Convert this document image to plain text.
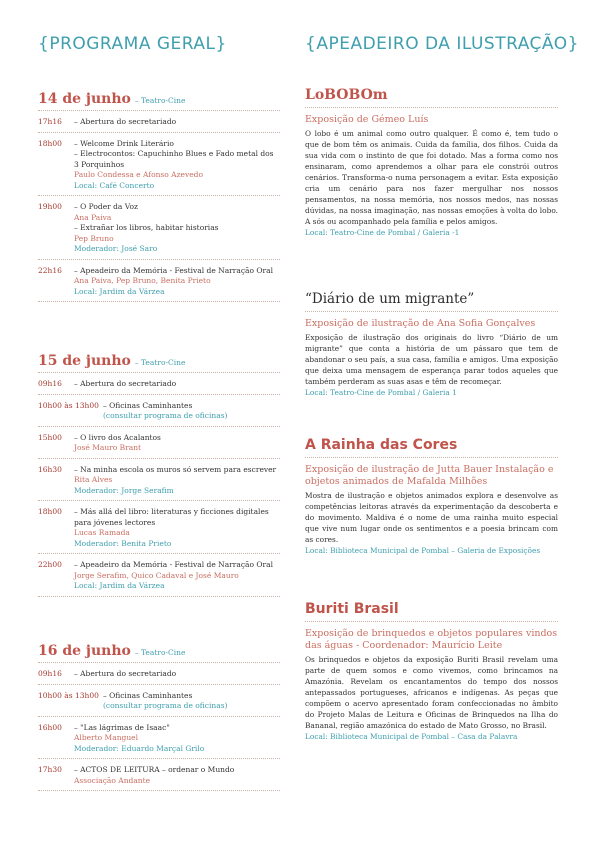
{PROGRAMA GERAL}
14 de junho – Teatro-Cine
17h16	– Abertura do secretariado
18h00	– Welcome Drink Literário
– Electrocontos: Capuchinho Blues e Fado metal dos 3 Porquinhos
Paulo Condessa e Afonso Azevedo
Local: Café Concerto
19h00	– O Poder da Voz
Ana Paiva
– Extrañar los libros, habitar historias
Pep Bruno
Moderador: José Saro
22h16	– Apeadeiro da Memória - Festival de Narração Oral
Ana Paiva, Pep Bruno, Benita Prieto
Local: Jardim da Várzea
15 de junho – Teatro-Cine
09h16	– Abertura do secretariado
10h00 às 13h00 – Oficinas Caminhantes
(consultar programa de oficinas)
15h00	– O livro dos Acalantos
José Mauro Brant
16h30	– Na minha escola os muros só servem para escrever
Rita Alves
Moderador: Jorge Serafim
18h00	– Más allá del libro: literaturas y ficciones digitales para jóvenes lectores
Lucas Ramada
Moderador: Benita Prieto
22h00	– Apeadeiro da Memória - Festival de Narração Oral
Jorge Serafim, Quico Cadaval e José Mauro
Local: Jardim da Várzea
16 de junho – Teatro-Cine
09h16	– Abertura do secretariado
10h00 às 13h00 – Oficinas Caminhantes
(consultar programa de oficinas)
16h00	– "Las lágrimas de Isaac"
Alberto Manguel
Moderador: Eduardo Marçal Grilo
17h30	– ACTOS DE LEITURA – ordenar o Mundo
Associação Andante
{APEADEIRO DA ILUSTRAÇÃO}
LoBOBOm
Exposição de Gémeo Luís
O lobo é um animal como outro qualquer. É como é, tem tudo o que de bom têm os animais. Cuida da família, dos filhos. Cuida da sua vida com o instinto de que foi dotado. Mas a forma como nos ensinaram, como aprendemos a olhar para ele constrói outros cenários. Transforma-o numa personagem a evitar. Esta exposição cria um cenário para nos fazer mergulhar nos nossos pensamentos, na nossa memória, nos nossos medos, nas nossas dúvidas, na nossa imaginação, nas nossas emoções à volta do lobo. A sós ou acompanhado pela família e pelos amigos.
Local: Teatro-Cine de Pombal / Galeria -1
“Diário de um migrante”
Exposição de ilustração de Ana Sofia Gonçalves
Exposição de ilustração dos originais do livro “Diário de um migrante” que conta a história de um pássaro que tem de abandonar o seu país, a sua casa, família e amigos. Uma exposição que deixa uma mensagem de esperança parar todos aqueles que também perderam as suas asas e têm de recomeçar.
Local: Teatro-Cine de Pombal / Galeria 1
A Rainha das Cores
Exposição de ilustração de Jutta Bauer Instalação e objetos animados de Mafalda Milhões
Mostra de ilustração e objetos animados explora e desenvolve as competências leitoras através da experimentação da descoberta e do movimento. Maldiva é o nome de uma rainha muito especial que vive num lugar onde os sentimentos e a poesia brincam com as cores.
Local: Biblioteca Municipal de Pombal – Galeria de Exposições
Buriti Brasil
Exposição de brinquedos e objetos populares vindos das águas - Coordenador: Maurício Leite
Os brinquedos e objetos da exposição Buriti Brasil revelam uma parte de quem somos e como vivemos, como brincamos na Amazónia. Revelam os encantamentos do tempo dos nossos antepassados portugueses, africanos e indígenas. As peças que compõem o acervo apresentado foram confeccionadas no âmbito do Projeto Malas de Leitura e Oficinas de Brinquedos na Ilha do Bananal, região amazónica do estado de Mato Grosso, no Brasil.
Local: Biblioteca Municipal de Pombal – Casa da Palavra
